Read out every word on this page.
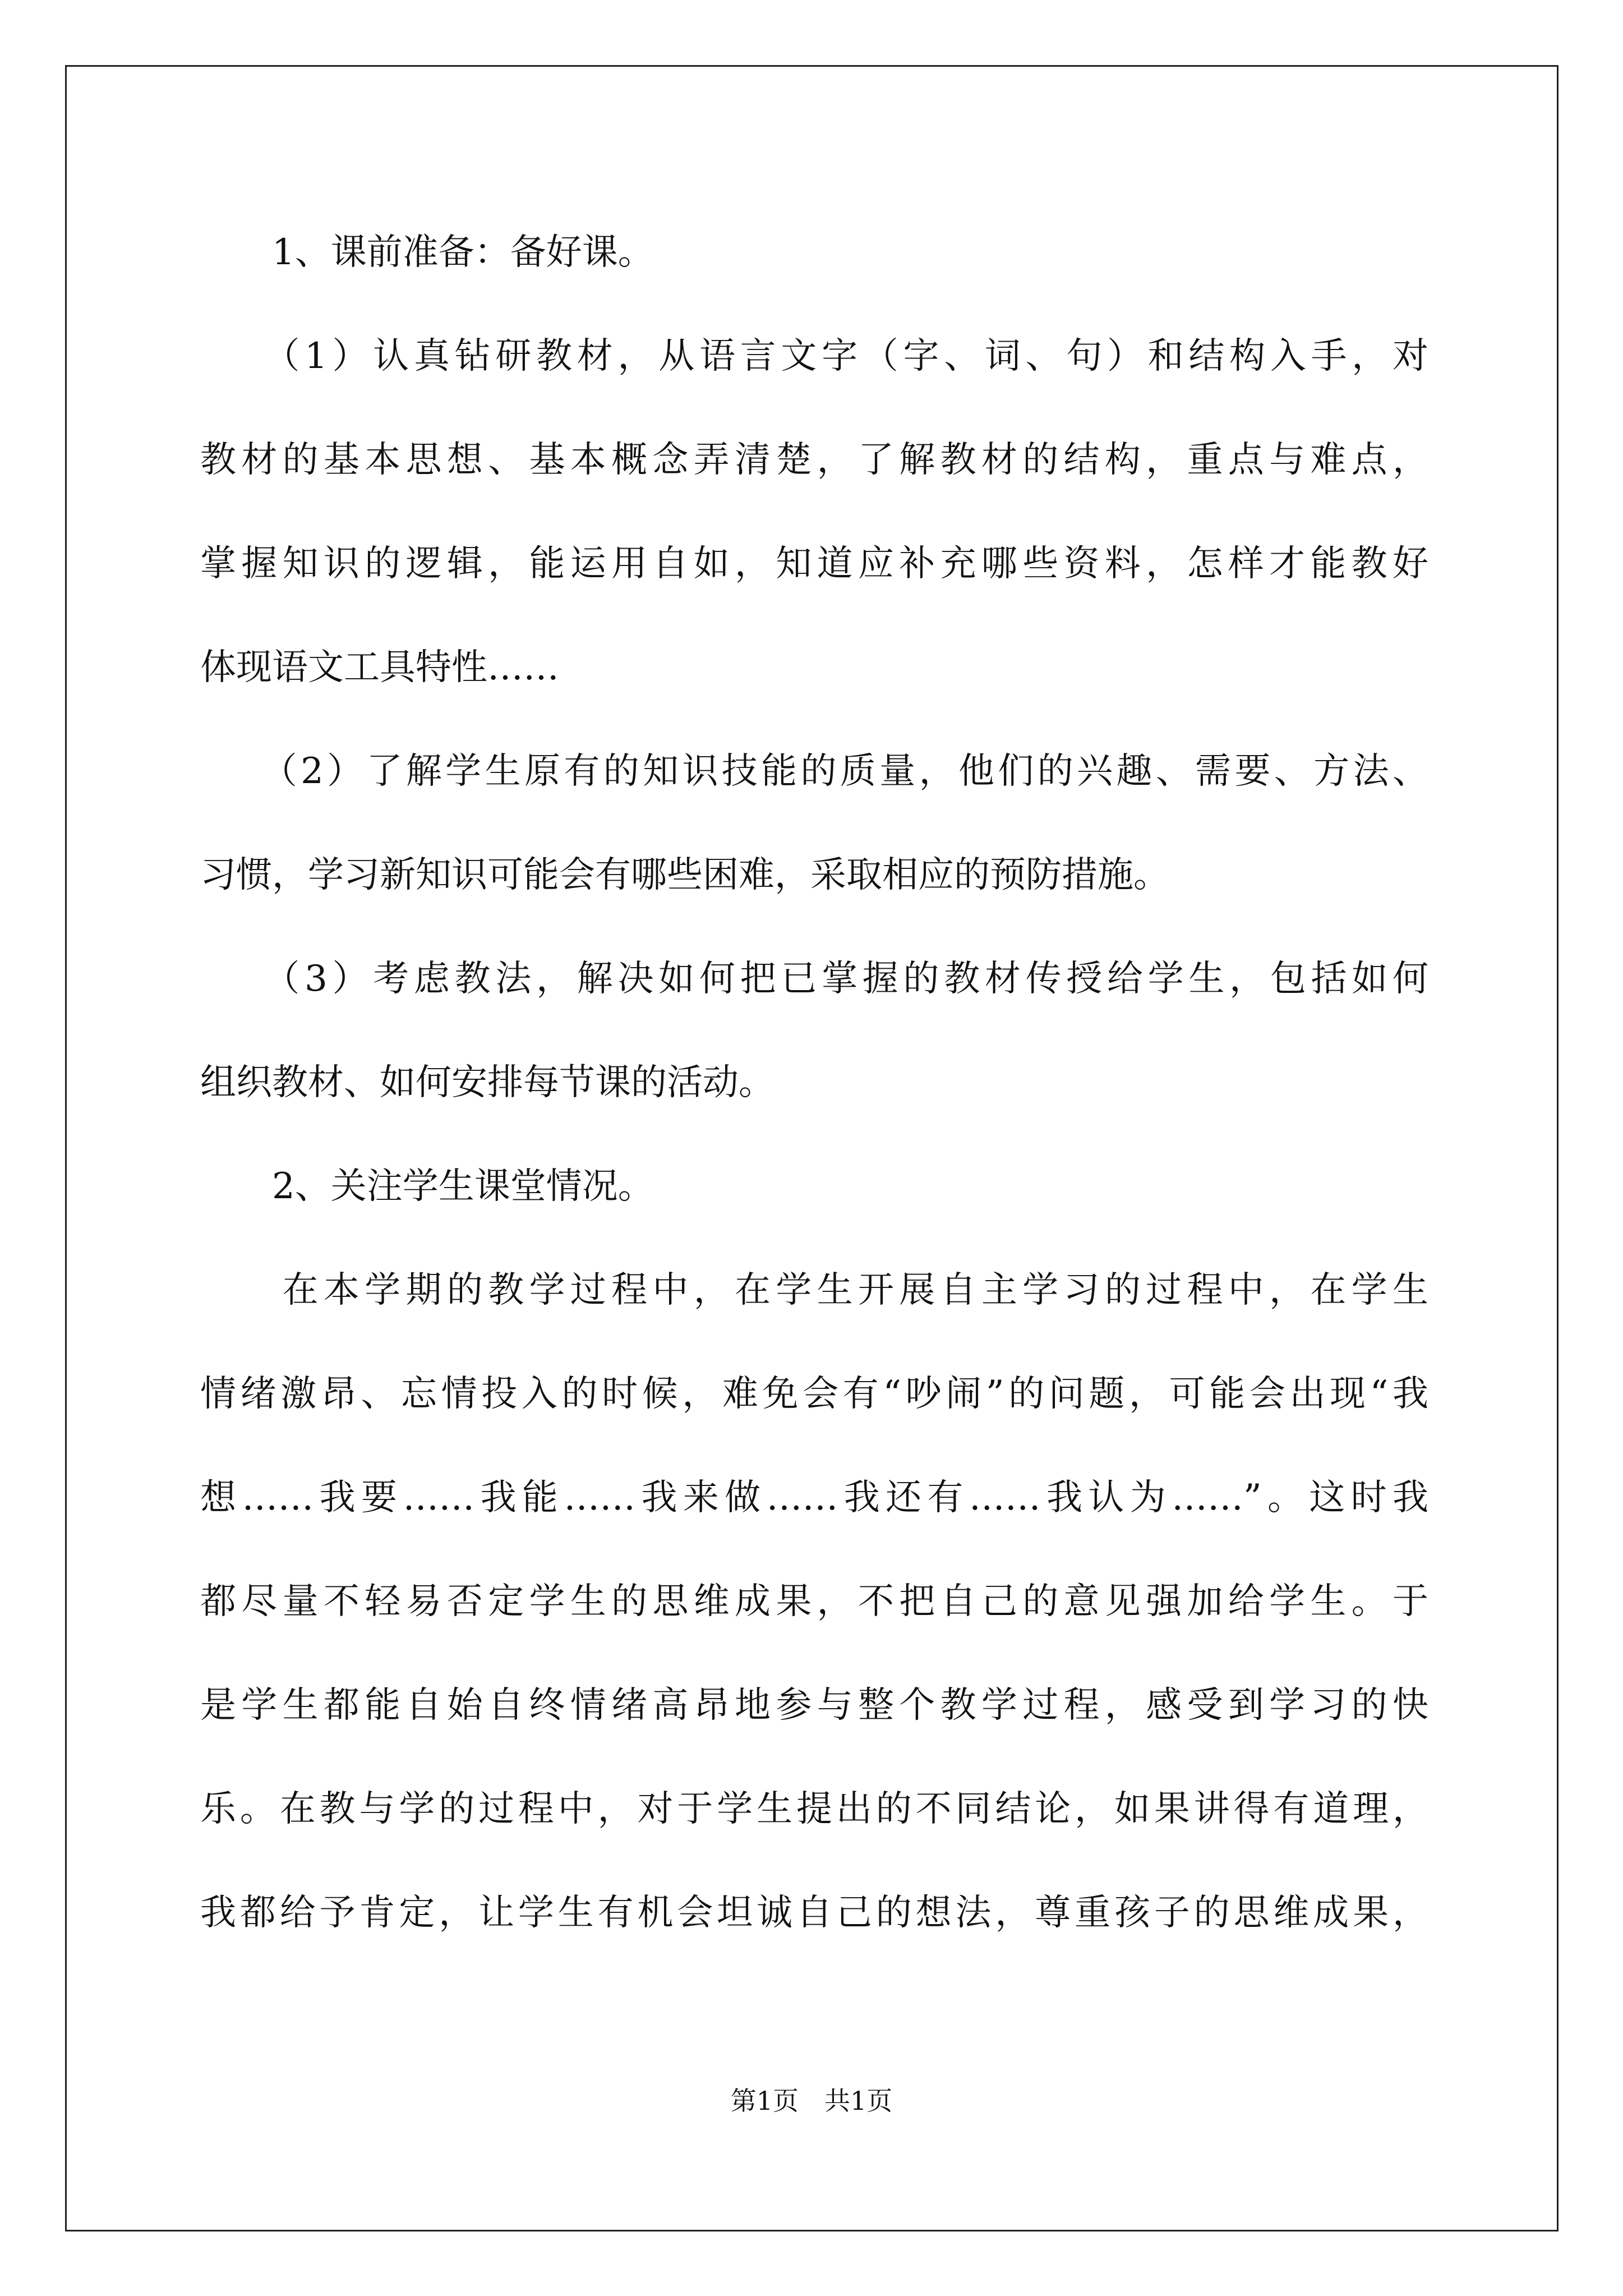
　　1、课前准备：备好课。
　　（1）认真钻研教材，从语言文字（字、词、句）和结构入手，对
教材的基本思想、基本概念弄清楚，了解教材的结构，重点与难点，
掌握知识的逻辑，能运用自如，知道应补充哪些资料，怎样才能教好
体现语文工具特性……
　　（2）了解学生原有的知识技能的质量，他们的兴趣、需要、方法、
习惯，学习新知识可能会有哪些困难，采取相应的预防措施。
　　（3）考虑教法，解决如何把已掌握的教材传授给学生，包括如何
组织教材、如何安排每节课的活动。
　　2、关注学生课堂情况。
　　在本学期的教学过程中，在学生开展自主学习的过程中，在学生
情绪激昂、忘情投入的时候，难免会有“吵闹”的问题，可能会出现“我
想……我要……我能……我来做……我还有……我认为……”。这时我
都尽量不轻易否定学生的思维成果，不把自己的意见强加给学生。于
是学生都能自始自终情绪高昂地参与整个教学过程，感受到学习的快
乐。在教与学的过程中，对于学生提出的不同结论，如果讲得有道理，
我都给予肯定，让学生有机会坦诚自己的想法，尊重孩子的思维成果，
第1页　共1页
